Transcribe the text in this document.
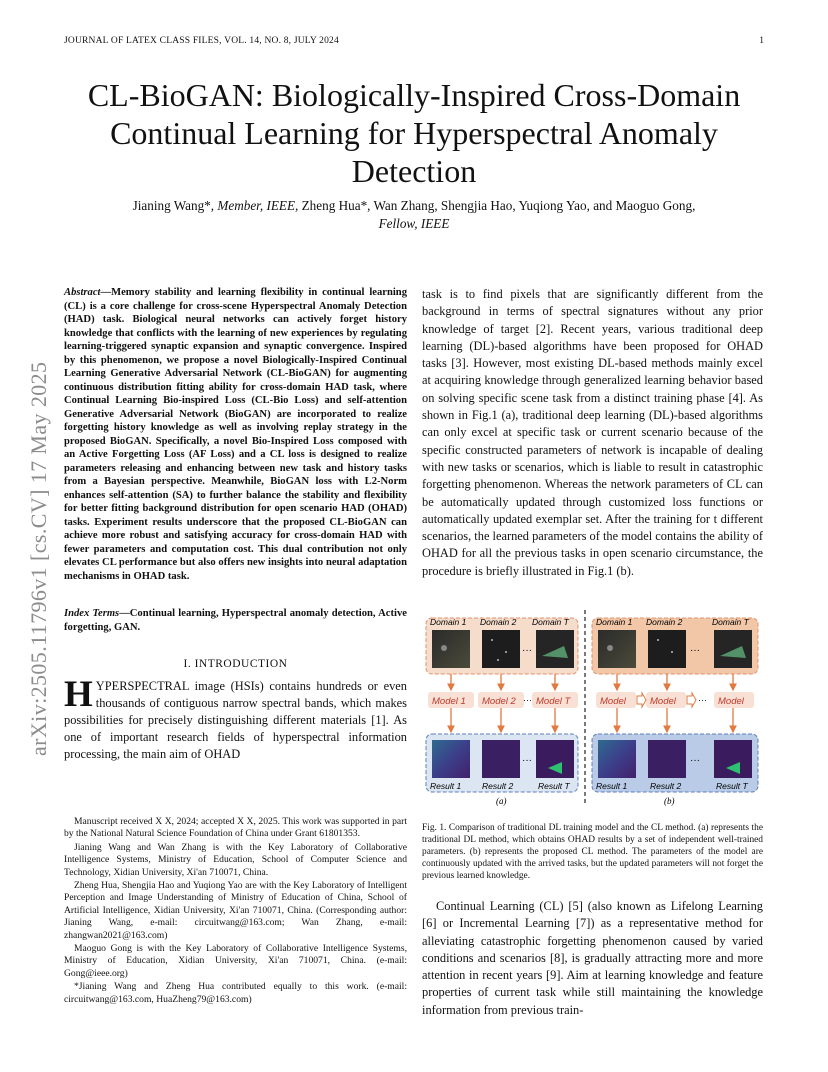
JOURNAL OF LATEX CLASS FILES, VOL. 14, NO. 8, JULY 2024	1
CL-BioGAN: Biologically-Inspired Cross-Domain Continual Learning for Hyperspectral Anomaly Detection
Jianing Wang*, Member, IEEE, Zheng Hua*, Wan Zhang, Shengjia Hao, Yuqiong Yao, and Maoguo Gong,
Fellow, IEEE
arXiv:2505.11796v1 [cs.CV] 17 May 2025

Abstract—Memory stability and learning flexibility in continual learning (CL) is a core challenge for cross-scene Hyperspectral Anomaly Detection (HAD) task. Biological neural networks can actively forget history knowledge that conflicts with the learning of new experiences by regulating learning-triggered synaptic expansion and synaptic convergence. Inspired by this phenomenon, we propose a novel Biologically-Inspired Continual Learning Generative Adversarial Network (CL-BioGAN) for augmenting continuous distribution fitting ability for cross-domain HAD task, where Continual Learning Bio-inspired Loss (CL-Bio Loss) and self-attention Generative Adversarial Network (BioGAN) are incorporated to realize forgetting history knowledge as well as involving replay strategy in the proposed BioGAN. Specifically, a novel Bio-Inspired Loss composed with an Active Forgetting Loss (AF Loss) and a CL loss is designed to realize parameters releasing and enhancing between new task and history tasks from a Bayesian perspective. Meanwhile, BioGAN loss with L2-Norm enhances self-attention (SA) to further balance the stability and flexibility for better fitting background distribution for open scenario HAD (OHAD) tasks. Experiment results underscore that the proposed CL-BioGAN can achieve more robust and satisfying accuracy for cross-domain HAD with fewer parameters and computation cost. This dual contribution not only elevates CL performance but also offers new insights into neural adaptation mechanisms in OHAD task.

Index Terms—Continual learning, Hyperspectral anomaly detection, Active forgetting, GAN.

I. INTRODUCTION

HYPERSPECTRAL image (HSIs) contains hundreds or even thousands of contiguous narrow spectral bands, which makes possibilities for precisely distinguishing different materials [1]. As one of important research fields of hyperspectral information processing, the main aim of OHAD

Manuscript received X X, 2024; accepted X X, 2025. This work was supported in part by the National Natural Science Foundation of China under Grant 61801353.

Jianing Wang and Wan Zhang is with the Key Laboratory of Collaborative Intelligence Systems, Ministry of Education, School of Computer Science and Technology, Xidian University, Xi'an 710071, China.

Zheng Hua, Shengjia Hao and Yuqiong Yao are with the Key Laboratory of Intelligent Perception and Image Understanding of Ministry of Education of China, School of Artificial Intelligence, Xidian University, Xi'an 710071, China. (Corresponding author: Jianing Wang, e-mail: circuitwang@163.com; Wan Zhang, e-mail: zhangwan2021@163.com)

Maoguo Gong is with the Key Laboratory of Collaborative Intelligence Systems, Ministry of Education, Xidian University, Xi'an 710071, China. (e-mail: Gong@ieee.org)

*Jianing Wang and Zheng Hua contributed equally to this work. (e-mail: circuitwang@163.com, HuaZheng79@163.com)

task is to find pixels that are significantly different from the background in terms of spectral signatures without any prior knowledge of target [2]. Recent years, various traditional deep learning (DL)-based algorithms have been proposed for OHAD tasks [3]. However, most existing DL-based methods mainly excel at acquiring knowledge through generalized learning behavior based on solving specific scene task from a distinct training phase [4]. As shown in Fig.1 (a), traditional deep learning (DL)-based algorithms can only excel at specific task or current scenario because of the specific constructed parameters of network is incapable of dealing with new tasks or scenarios, which is liable to result in catastrophic forgetting phenomenon. Whereas the network parameters of CL can be automatically updated through customized loss functions or automatically updated exemplar set. After the training for t different scenarios, the learned parameters of the model contains the ability of OHAD for all the previous tasks in open scenario circumstance, the procedure is briefly illustrated in Fig.1 (b).

Domain 1 Domain 2 Domain T	Domain 1 Domain 2	Domain T
···	···
Model 1 Model 2 Model T
···	Model	Model	Model
···
···	···
Result 1 Result 2	Result T	Result 1	Result 2	Result T
(a)	(b)
Fig. 1. Comparison of traditional DL training model and the CL method. (a) represents the traditional DL method, which obtains OHAD results by a set of independent well-trained parameters. (b) represents the proposed CL method. The parameters of the model are continuously updated with the arrived tasks, but the updated parameters will not forget the previous learned knowledge.

Continual Learning (CL) [5] (also known as Lifelong Learning [6] or Incremental Learning [7]) as a representative method for alleviating catastrophic forgetting phenomenon caused by varied conditions and scenarios [8], is gradually attracting more and more attention in recent years [9]. Aim at learning knowledge and feature properties of current task while still maintaining the knowledge information from previous train-
